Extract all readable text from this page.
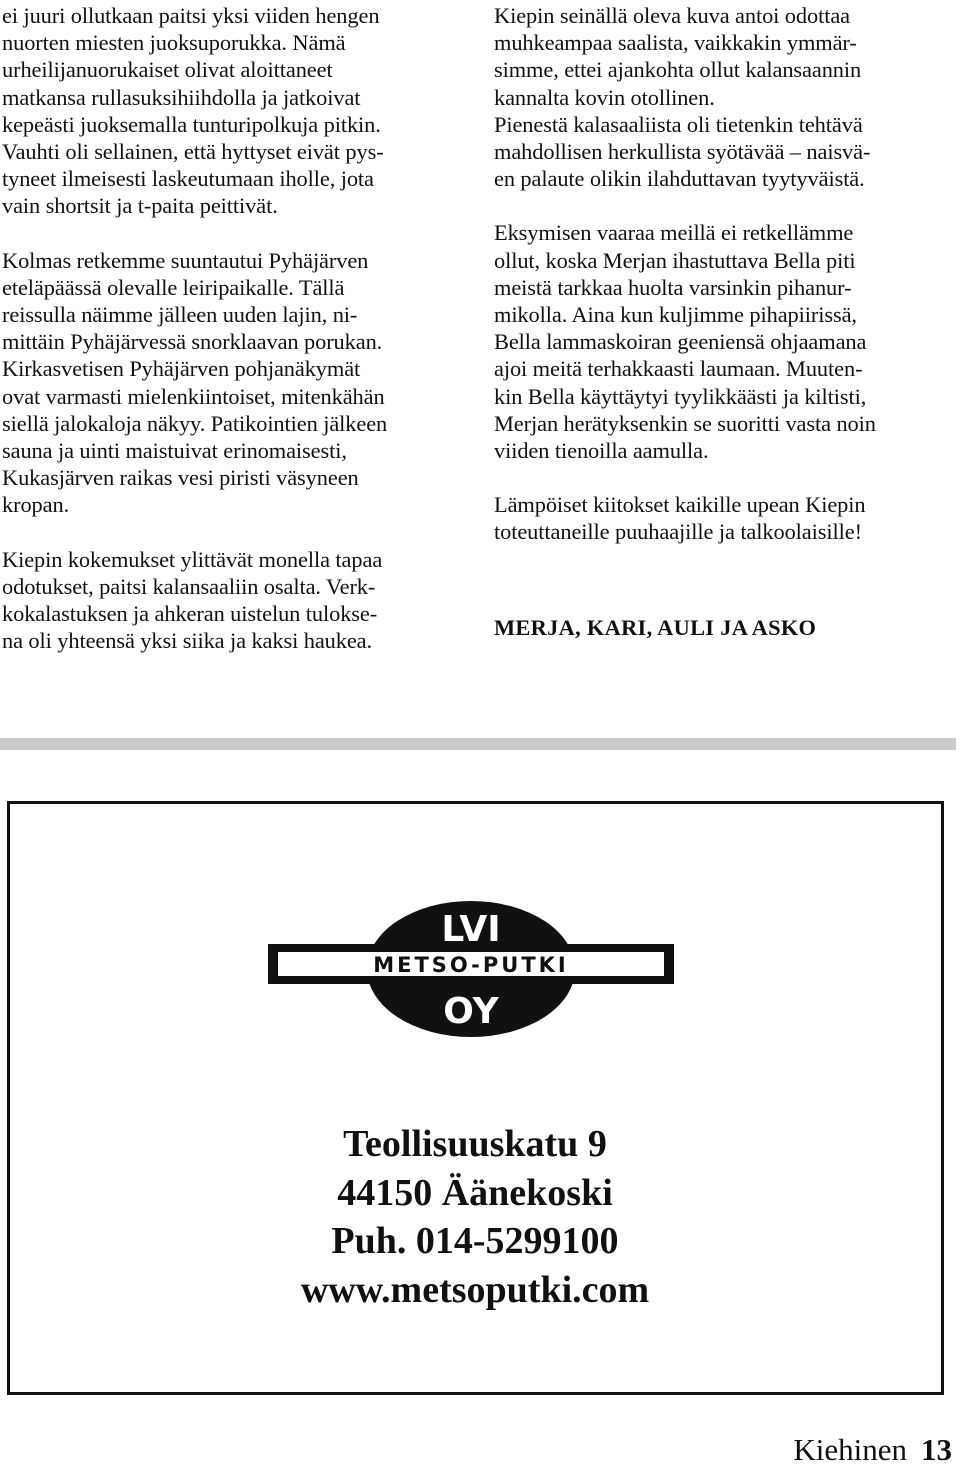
ei juuri ollutkaan paitsi yksi viiden hengen
nuorten miesten juoksuporukka. Nämä
urheilijanuorukaiset olivat aloittaneet
matkansa rullasuksihiihdolla ja jatkoivat
kepeästi juoksemalla tunturipolkuja pitkin.
Vauhti oli sellainen, että hyttyset eivät pys-
tyneet ilmeisesti laskeutumaan iholle, jota
vain shortsit ja t-paita peittivät.

Kolmas retkemme suuntautui Pyhäjärven
eteläpäässä olevalle leiripaikalle. Tällä
reissulla näimme jälleen uuden lajin, ni-
mittäin Pyhäjärvessä snorklaavan porukan.
Kirkasvetisen Pyhäjärven pohjanäkymät
ovat varmasti mielenkiintoiset, mitenkähän
siellä jalokaloja näkyy. Patikointien jälkeen
sauna ja uinti maistuivat erinomaisesti,
Kukasjärven raikas vesi piristi väsyneen
kropan.

Kiepin kokemukset ylittävät monella tapaa
odotukset, paitsi kalansaaliin osalta. Verk-
kokalastuksen ja ahkeran uistelun tulokse-
na oli yhteensä yksi siika ja kaksi haukea.

Kiepin seinällä oleva kuva antoi odottaa
muhkeampaa saalista, vaikkakin ymmär-
simme, ettei ajankohta ollut kalansaannin
kannalta kovin otollinen.
Pienestä kalasaaliista oli tietenkin tehtävä
mahdollisen herkullista syötävää – naisvä-
en palaute olikin ilahduttavan tyytyväistä.

Eksymisen vaaraa meillä ei retkellämme
ollut, koska Merjan ihastuttava Bella piti
meistä tarkkaa huolta varsinkin pihanur-
mikolla. Aina kun kuljimme pihapiirissä,
Bella lammaskoiran geeniensä ohjaamana
ajoi meitä terhakkaasti laumaan. Muuten-
kin Bella käyttäytyi tyylikkäästi ja kiltisti,
Merjan herätyksenkin se suoritti vasta noin
viiden tienoilla aamulla.

Lämpöiset kiitokset kaikille upean Kiepin
toteuttaneille puuhaajille ja talkoolaisille!

MERJA, KARI, AULI JA ASKO
LVI
METSO-PUTKI
OY
Teollisuuskatu 9
44150 Äänekoski
Puh. 014-5299100
www.metsoputki.com
Kiehinen 13
